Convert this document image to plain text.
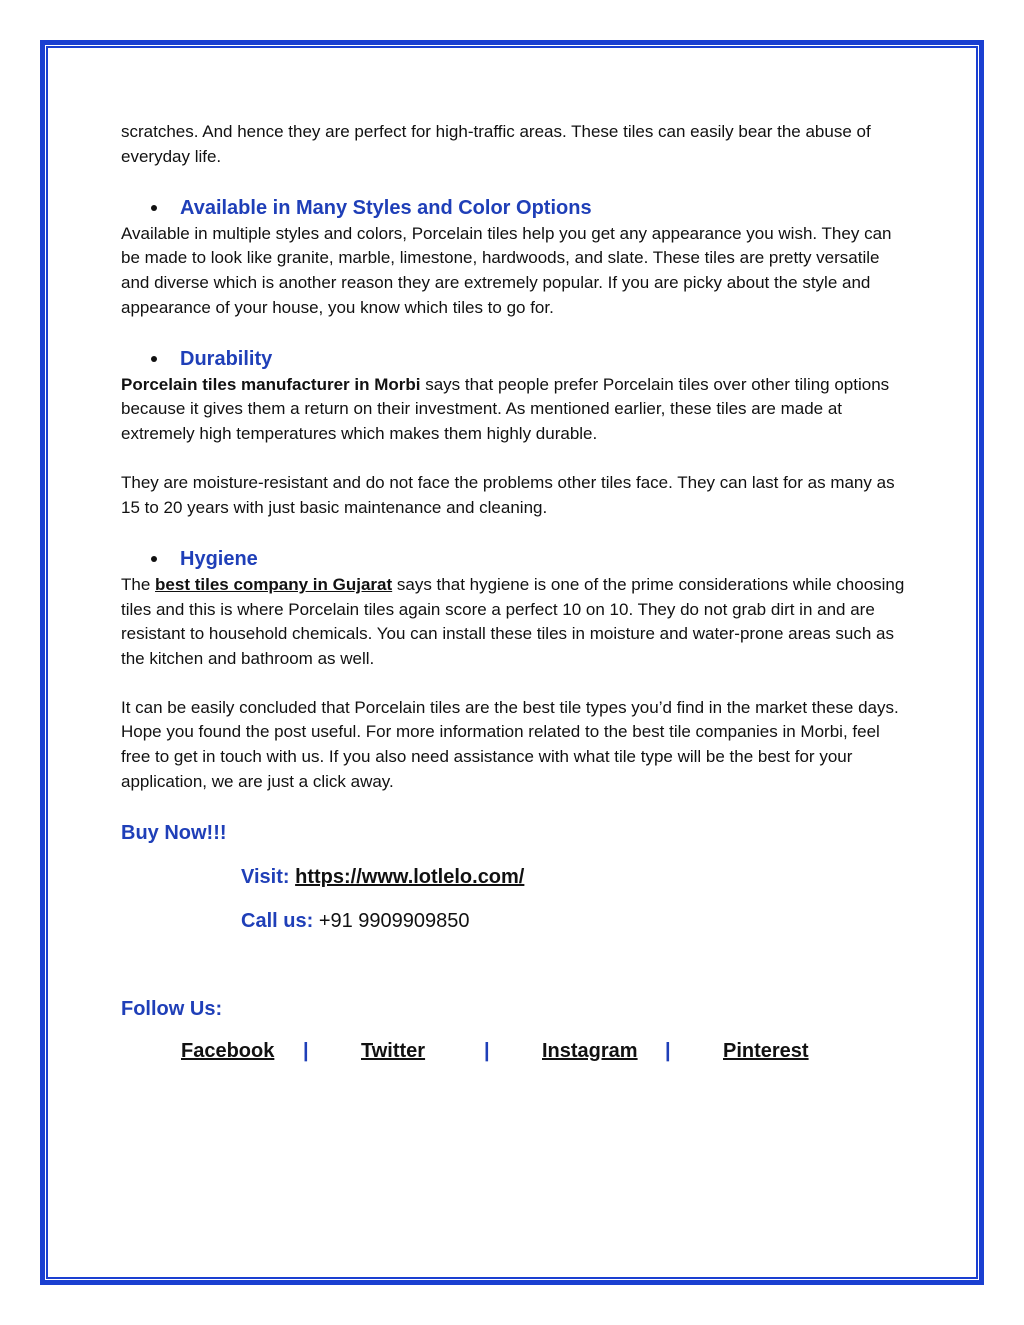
scratches. And hence they are perfect for high-traffic areas. These tiles can easily bear the abuse of everyday life.

Available in Many Styles and Color Options

Available in multiple styles and colors, Porcelain tiles help you get any appearance you wish. They can be made to look like granite, marble, limestone, hardwoods, and slate. These tiles are pretty versatile and diverse which is another reason they are extremely popular. If you are picky about the style and appearance of your house, you know which tiles to go for.

Durability

Porcelain tiles manufacturer in Morbi says that people prefer Porcelain tiles over other tiling options because it gives them a return on their investment. As mentioned earlier, these tiles are made at extremely high temperatures which makes them highly durable.

They are moisture-resistant and do not face the problems other tiles face. They can last for as many as 15 to 20 years with just basic maintenance and cleaning.

Hygiene

The best tiles company in Gujarat says that hygiene is one of the prime considerations while choosing tiles and this is where Porcelain tiles again score a perfect 10 on 10. They do not grab dirt in and are resistant to household chemicals. You can install these tiles in moisture and water-prone areas such as the kitchen and bathroom as well.

It can be easily concluded that Porcelain tiles are the best tile types you’d find in the market these days. Hope you found the post useful. For more information related to the best tile companies in Morbi, feel free to get in touch with us. If you also need assistance with what tile type will be the best for your application, we are just a click away.

Buy Now!!!
Visit: https://www.lotlelo.com/
Call us: +91 9909909850
Follow Us:
Facebook |	Twitter	|	Instagram |	Pinterest
